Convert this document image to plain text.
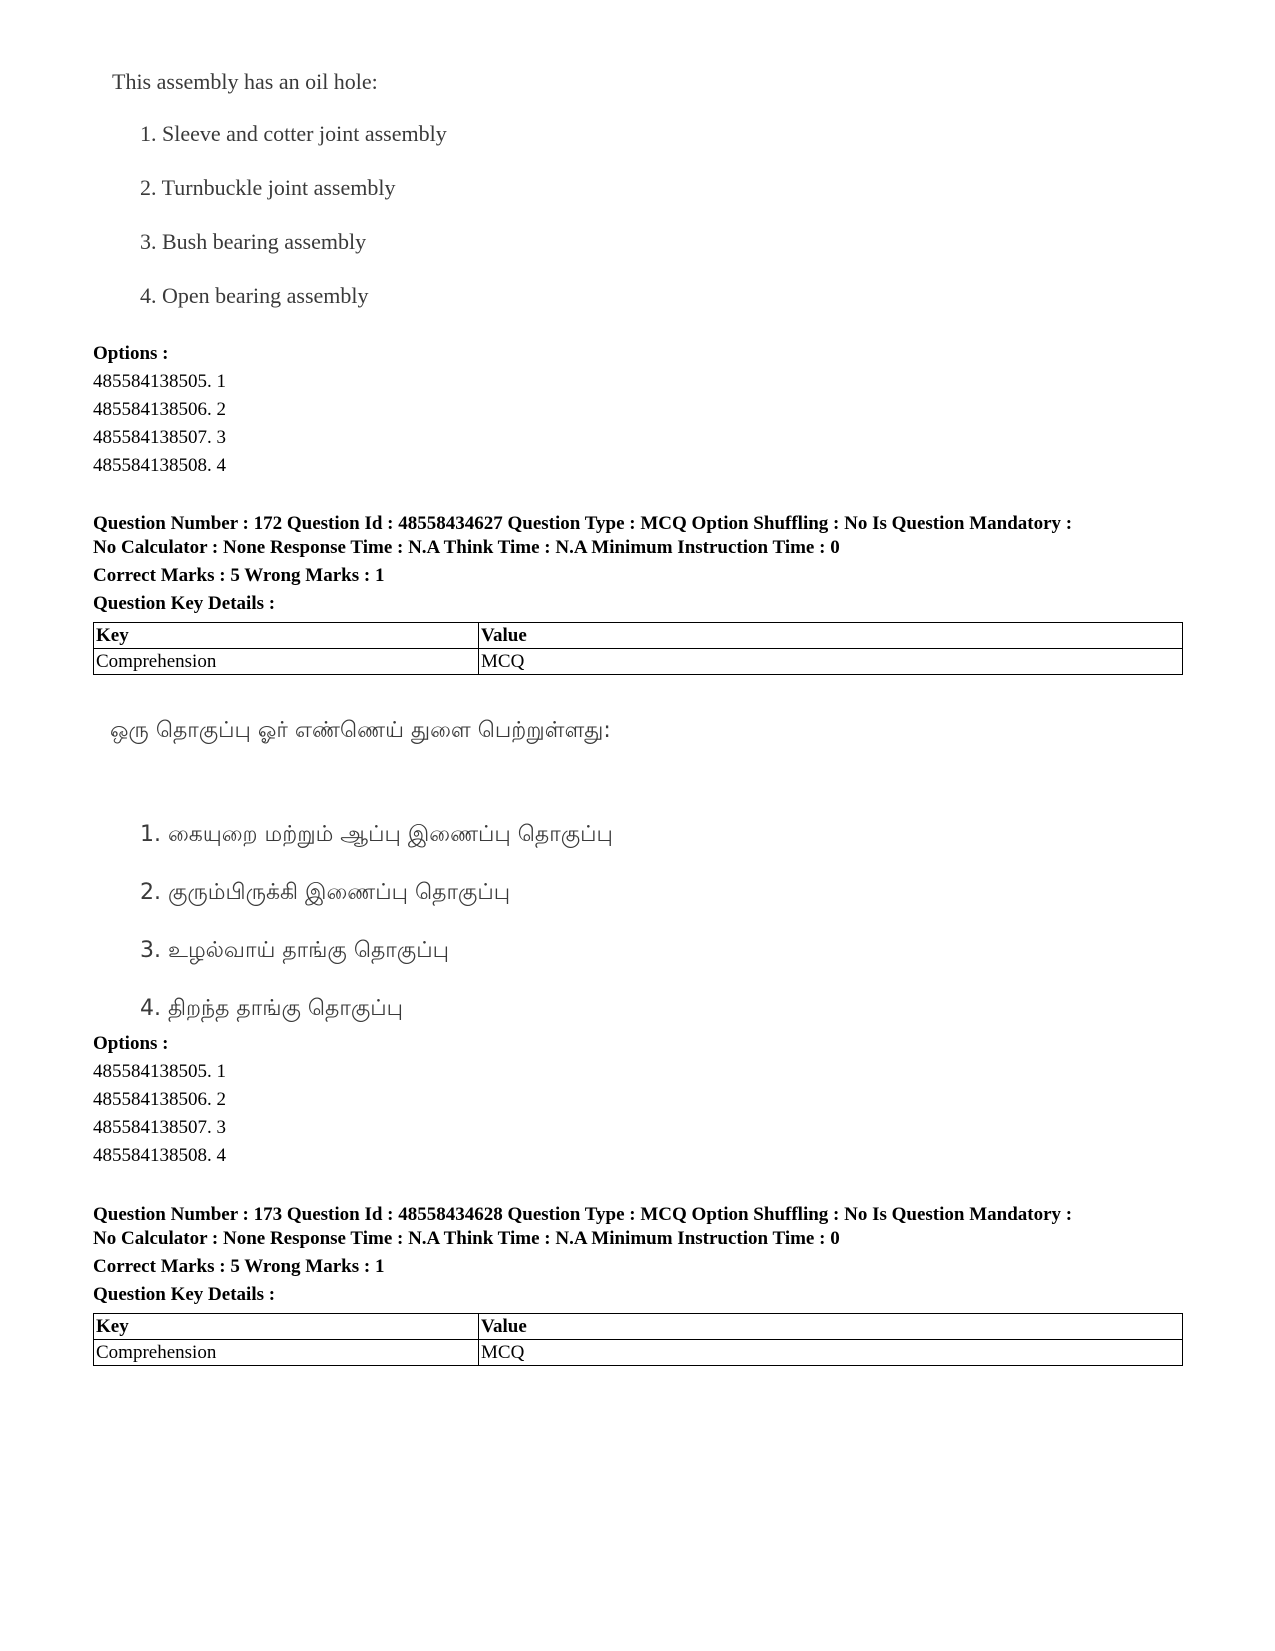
This assembly has an oil hole:
1. Sleeve and cotter joint assembly
2. Turnbuckle joint assembly
3. Bush bearing assembly
4. Open bearing assembly
Options :
485584138505. 1
485584138506. 2
485584138507. 3
485584138508. 4
Question Number : 172 Question Id : 48558434627 Question Type : MCQ Option Shuffling : No Is Question Mandatory :
No Calculator : None Response Time : N.A Think Time : N.A Minimum Instruction Time : 0
Correct Marks : 5 Wrong Marks : 1
Question Key Details :
Key	Value
Comprehension	MCQ
ஒரு தொகுப்பு ஓர் எண்ணெய் துளை பெற்றுள்ளது:
1. கையுறை மற்றும் ஆப்பு இணைப்பு தொகுப்பு
2. குரும்பிருக்கி இணைப்பு தொகுப்பு
3. உழல்வாய் தாங்கு தொகுப்பு
4. திறந்த தாங்கு தொகுப்பு
Options :
485584138505. 1
485584138506. 2
485584138507. 3
485584138508. 4
Question Number : 173 Question Id : 48558434628 Question Type : MCQ Option Shuffling : No Is Question Mandatory :
No Calculator : None Response Time : N.A Think Time : N.A Minimum Instruction Time : 0
Correct Marks : 5 Wrong Marks : 1
Question Key Details :
Key	Value
Comprehension	MCQ
